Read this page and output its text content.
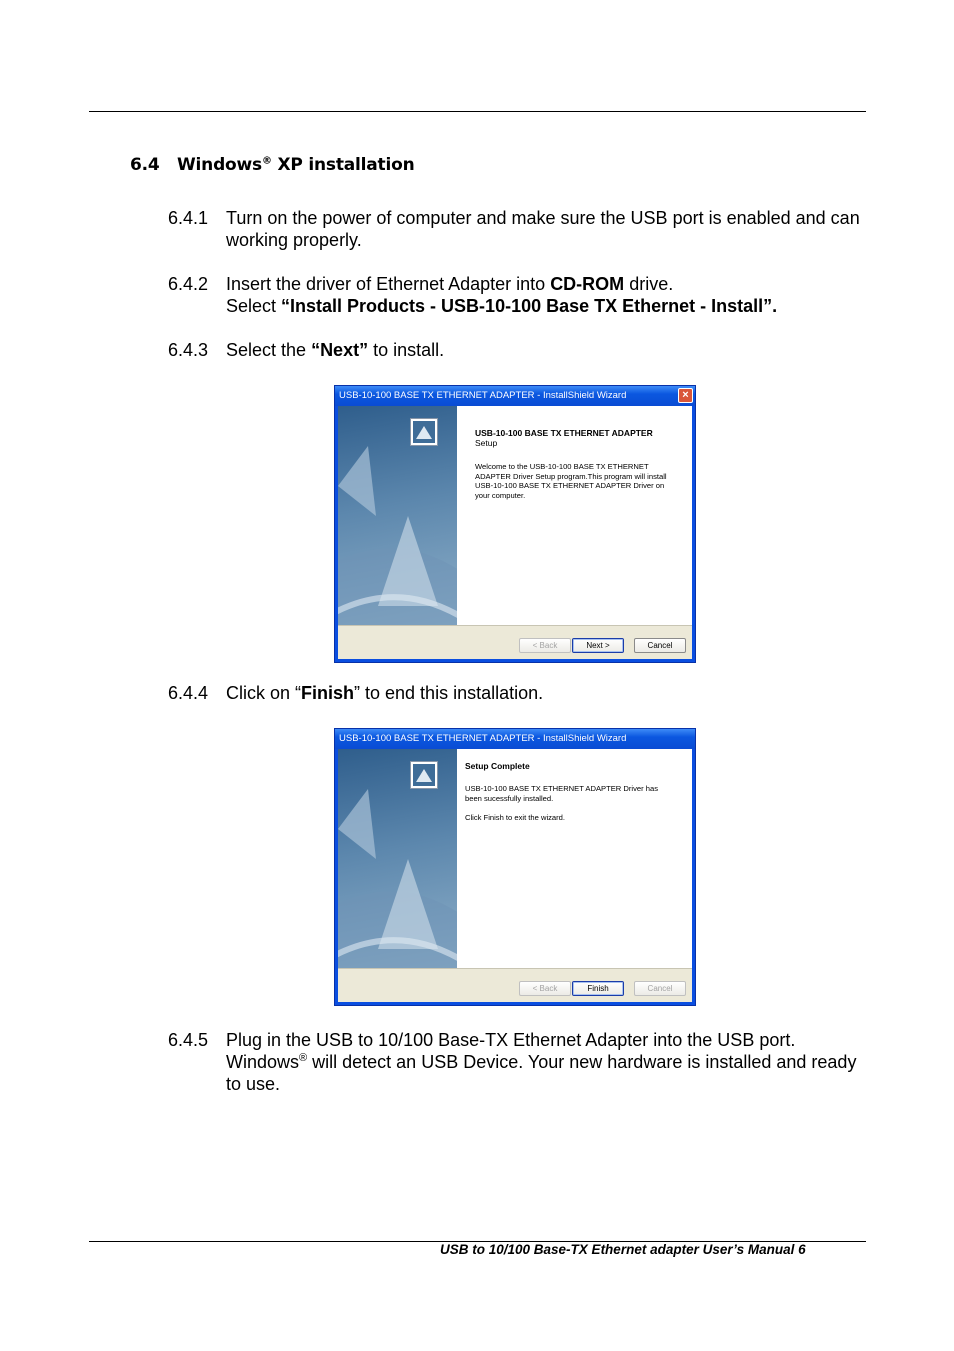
6.4 Windows® XP installation
6.4.1 Turn on the power of computer and make sure the USB port is enabled and can working properly.
6.4.2 Insert the driver of Ethernet Adapter into CD-ROM drive.
Select “Install Products - USB-10-100 Base TX Ethernet - Install”.
6.4.3 Select the “Next” to install.
USB-10-100 BASE TX ETHERNET ADAPTER - InstallShield Wizard	×
USB-10-100 BASE TX ETHERNET ADAPTER
Setup
Welcome to the USB-10-100 BASE TX ETHERNET ADAPTER Driver Setup program.This program will install USB-10-100 BASE TX ETHERNET ADAPTER Driver on your computer.
< Back	Next >	Cancel
6.4.4 Click on “Finish” to end this installation.
USB-10-100 BASE TX ETHERNET ADAPTER - InstallShield Wizard
Setup Complete
USB-10-100 BASE TX ETHERNET ADAPTER Driver has been sucessfully installed.
Click Finish to exit the wizard.
< Back	Finish	Cancel
6.4.5 Plug in the USB to 10/100 Base-TX Ethernet Adapter into the USB port.
Windows® will detect an USB Device. Your new hardware is installed and ready to use.
USB to 10/100 Base-TX Ethernet adapter User’s Manual 6
